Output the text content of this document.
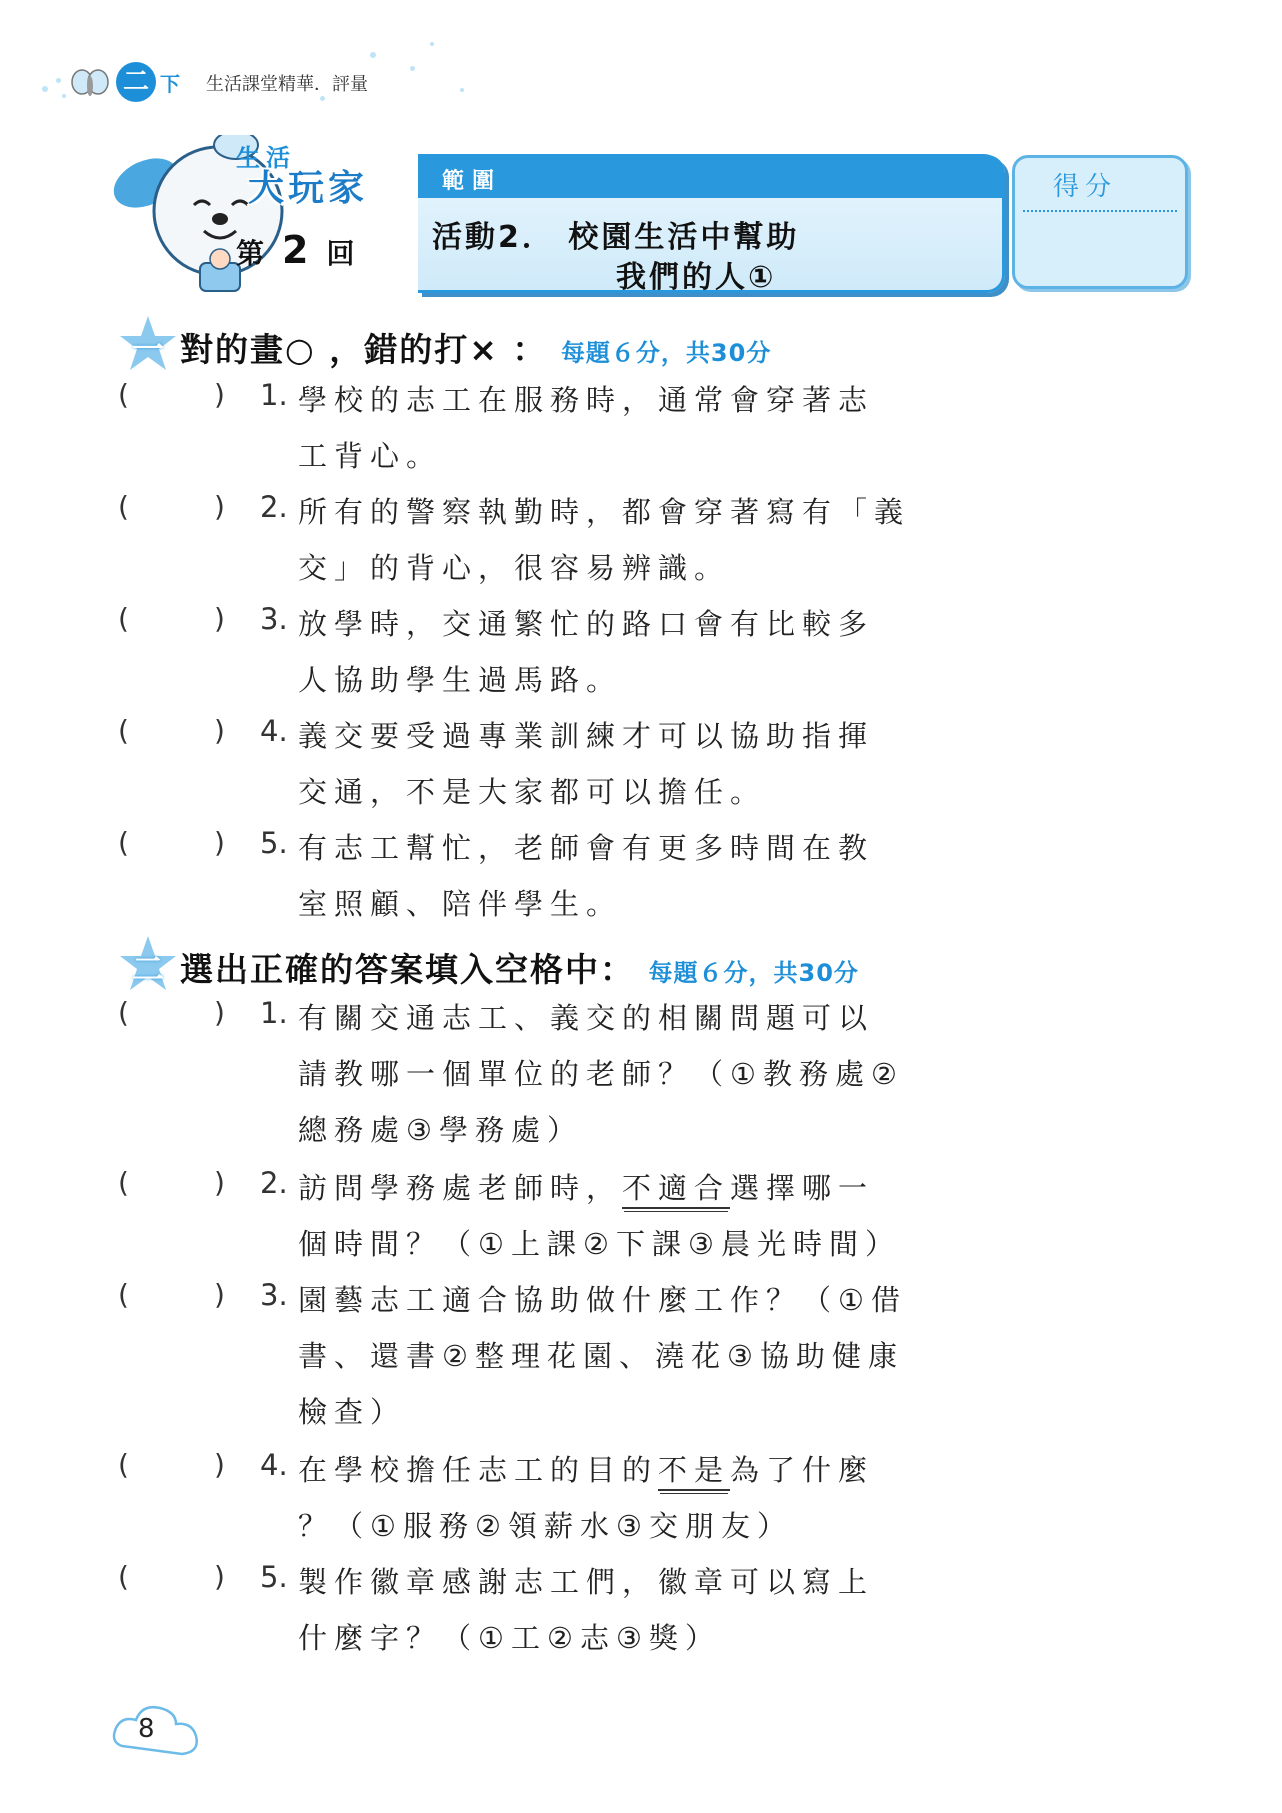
二 下 生活課堂精華．評量
生活
大玩家
第 2 回
範圍
活動2． 校園生活中幫助
我們的人①
得分
一 對的畫○ ，錯的打× ： 每題６分，共30分
(	) 1. 學校的志工在服務時，通常會穿著志
工背心。
(	) 2. 所有的警察執勤時，都會穿著寫有「義
交」的背心，很容易辨識。
(	) 3. 放學時，交通繁忙的路口會有比較多
人協助學生過馬路。
(	) 4. 義交要受過專業訓練才可以協助指揮
交通，不是大家都可以擔任。
(	) 5. 有志工幫忙，老師會有更多時間在教
室照顧、陪伴學生。
二 選出正確的答案填入空格中： 每題６分，共30分
(	) 1. 有關交通志工、義交的相關問題可以
請教哪一個單位的老師？（①教務處②
總務處③學務處）
(	) 2. 訪問學務處老師時，不適合選擇哪一
個時間？（①上課②下課③晨光時間）
(	) 3. 園藝志工適合協助做什麼工作？（①借
書、還書②整理花園、澆花③協助健康
檢查）
(	) 4. 在學校擔任志工的目的不是為了什麼
？（①服務②領薪水③交朋友）
(	) 5. 製作徽章感謝志工們，徽章可以寫上
什麼字？（①工②志③獎）
8
